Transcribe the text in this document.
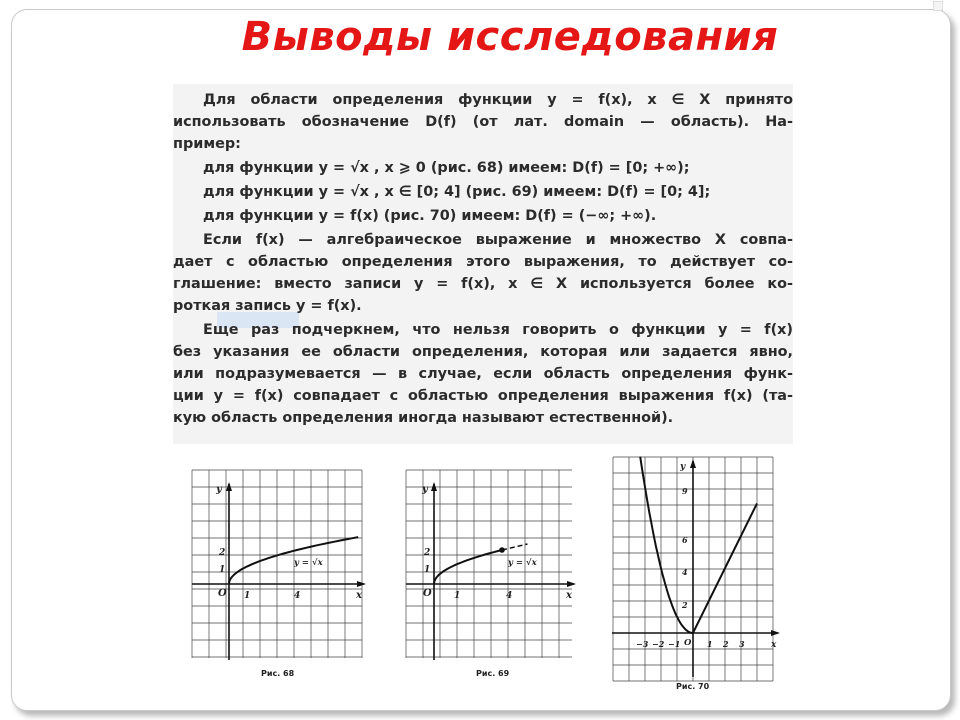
Выводы исследования
Для области определения функции y = f(x), x ∈ X принято
использовать обозначение D(f) (от лат. domain — область). На-
пример:
для функции y = √x , x ⩾ 0 (рис. 68) имеем: D(f) = [0; +∞);
для функции y = √x , x ∈ [0; 4] (рис. 69) имеем: D(f) = [0; 4];
для функции y = f(x) (рис. 70) имеем: D(f) = (−∞; +∞).
Если f(x) — алгебраическое выражение и множество X совпа-
дает с областью определения этого выражения, то действует со-
глашение: вместо записи y = f(x), x ∈ X используется более ко-
роткая запись y = f(x).
Еще раз подчеркнем, что нельзя говорить о функции y = f(x)
без указания ее области определения, которая или задается явно,
или подразумевается — в случае, если область определения функ-
ции y = f(x) совпадает с областью определения выражения f(x) (та-
кую область определения иногда называют естественной).
y
x
O
1
2
1	4
y = √x
Рис. 68
y
x
O
1
2
1	4
y = √x
Рис. 69
y
x
O
2
4
6
9
−3 −2 −1	1 2 3
Рис. 70
